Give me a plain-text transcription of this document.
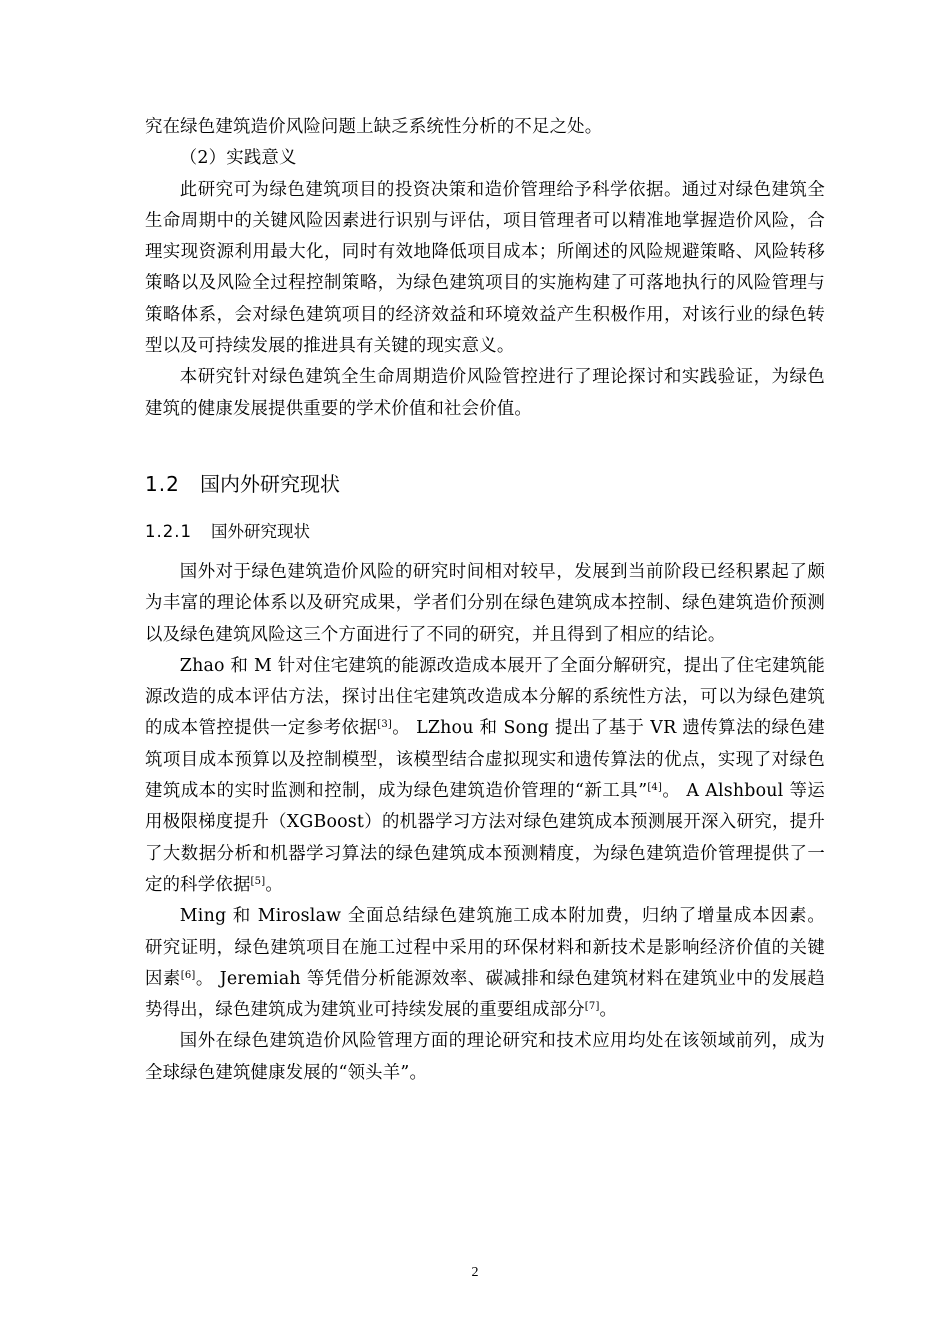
究在绿色建筑造价风险问题上缺乏系统性分析的不足之处。

（2）实践意义

此研究可为绿色建筑项目的投资决策和造价管理给予科学依据。通过对绿色建筑全生命周期中的关键风险因素进行识别与评估，项目管理者可以精准地掌握造价风险，合理实现资源利用最大化，同时有效地降低项目成本；所阐述的风险规避策略、风险转移策略以及风险全过程控制策略，为绿色建筑项目的实施构建了可落地执行的风险管理与策略体系，会对绿色建筑项目的经济效益和环境效益产生积极作用，对该行业的绿色转型以及可持续发展的推进具有关键的现实意义。

本研究针对绿色建筑全生命周期造价风险管控进行了理论探讨和实践验证，为绿色建筑的健康发展提供重要的学术价值和社会价值。

1.2 国内外研究现状
1.2.1 国外研究现状

国外对于绿色建筑造价风险的研究时间相对较早，发展到当前阶段已经积累起了颇为丰富的理论体系以及研究成果，学者们分别在绿色建筑成本控制、绿色建筑造价预测以及绿色建筑风险这三个方面进行了不同的研究，并且得到了相应的结论。

Zhao 和 M 针对住宅建筑的能源改造成本展开了全面分解研究，提出了住宅建筑能源改造的成本评估方法，探讨出住宅建筑改造成本分解的系统性方法，可以为绿色建筑的成本管控提供一定参考依据[3]。 LZhou 和 Song 提出了基于 VR 遗传算法的绿色建筑项目成本预算以及控制模型，该模型结合虚拟现实和遗传算法的优点，实现了对绿色建筑成本的实时监测和控制，成为绿色建筑造价管理的“新工具”[4]。 A Alshboul 等运用极限梯度提升（XGBoost）的机器学习方法对绿色建筑成本预测展开深入研究，提升了大数据分析和机器学习算法的绿色建筑成本预测精度，为绿色建筑造价管理提供了一定的科学依据[5]。

Ming 和 Miroslaw 全面总结绿色建筑施工成本附加费，归纳了增量成本因素。 研究证明，绿色建筑项目在施工过程中采用的环保材料和新技术是影响经济价值的关键因素[6]。 Jeremiah 等凭借分析能源效率、碳减排和绿色建筑材料在建筑业中的发展趋势得出，绿色建筑成为建筑业可持续发展的重要组成部分[7]。

国外在绿色建筑造价风险管理方面的理论研究和技术应用均处在该领域前列，成为全球绿色建筑健康发展的“领头羊”。

2
